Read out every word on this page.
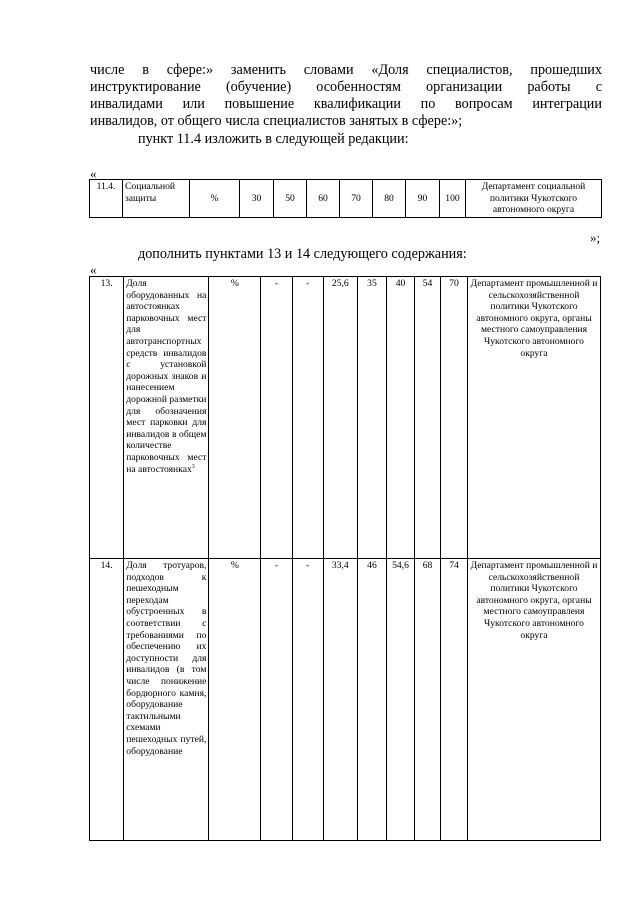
числе в сфере:» заменить словами «Доля специалистов, прошедших
инструктирование (обучение) особенностям организации работы с
инвалидами или повышение квалификации по вопросам интеграции
инвалидов, от общего числа специалистов занятых в сфере:»;
пункт 11.4 изложить в следующей редакции:
«
11.4.	Социальной защиты	%	30	50	60	70	80	90	100	Департамент социальной политики Чукотского автономного округа
»;
дополнить пунктами 13 и 14 следующего содержания:
«
13.	Доля оборудованных на автостоянках парковочных мест для автотранспортных средств инвалидов с установкой дорожных знаков и нанесением дорожной разметки для обозначения мест парковки для инвалидов в общем количестве парковочных мест на автостоянках$^3$	%	-	-	25,6	35	40	54	70	Департамент промышленной и сельскохозяйственной политики Чукотского автономного округа, органы местного самоуправления Чукотского автономного округа
14.	Доля тротуаров, подходов к пешеходным переходам обустроенных в соответствии с требованиями по обеспечению их доступности для инвалидов (в том числе понижение бордюрного камня, оборудование тактильными схемами пешеходных путей, оборудование	%	-	-	33,4	46	54,6	68	74	Департамент промышленной и сельскохозяйственной политики Чукотского автономного округа, органы местного самоуправлеия Чукотского автономного округа
